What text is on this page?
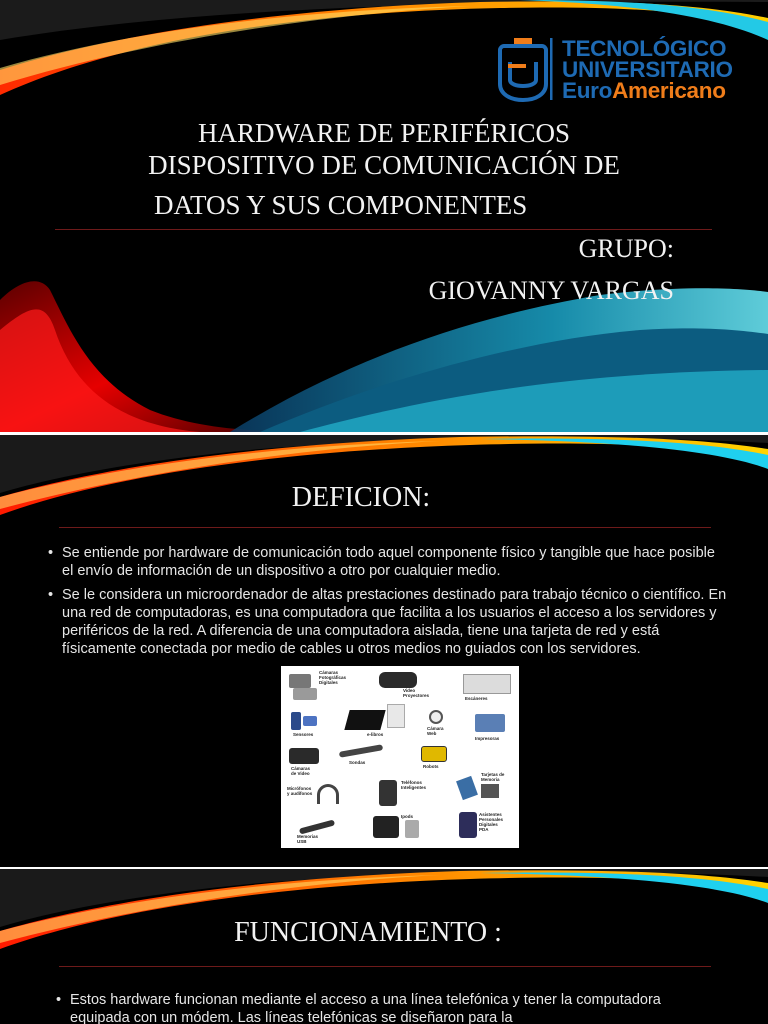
TECNOLÓGICO
UNIVERSITARIO
EuroAmericano
HARDWARE DE PERIFÉRICOS
DISPOSITIVO DE COMUNICACIÓN DE
DATOS Y SUS COMPONENTES
GRUPO:
GIOVANNY VARGAS
DEFICION:
• Se entiende por hardware de comunicación todo aquel componente físico y tangible que hace posible el envío de información de un dispositivo a otro por cualquier medio.
• Se le considera un microordenador de altas prestaciones destinado para trabajo técnico o científico. En una red de computadoras, es una computadora que facilita a los usuarios el acceso a los servidores y periféricos de la red. A diferencia de una computadora aislada, tiene una tarjeta de red y está físicamente conectada por medio de cables u otros medios no guiados con los servidores.
Cámaras
Fotográficas
Digitales
Video
Proyectores
Escáneres
Sensores	e-libros
Cámara
Web
Impresoras
Cámaras
de Video
Sondas
Robots
Teléfonos
Inteligentes
Tarjetas de
Memoria
Micrófonos
y audífonos
Ipods	Asistentes
Personales
Digitales
PDA
Memorias
USB
FUNCIONAMIENTO :
• Estos hardware funcionan mediante el acceso a una línea telefónica y tener la computadora equipada con un módem. Las líneas telefónicas se diseñaron para la
